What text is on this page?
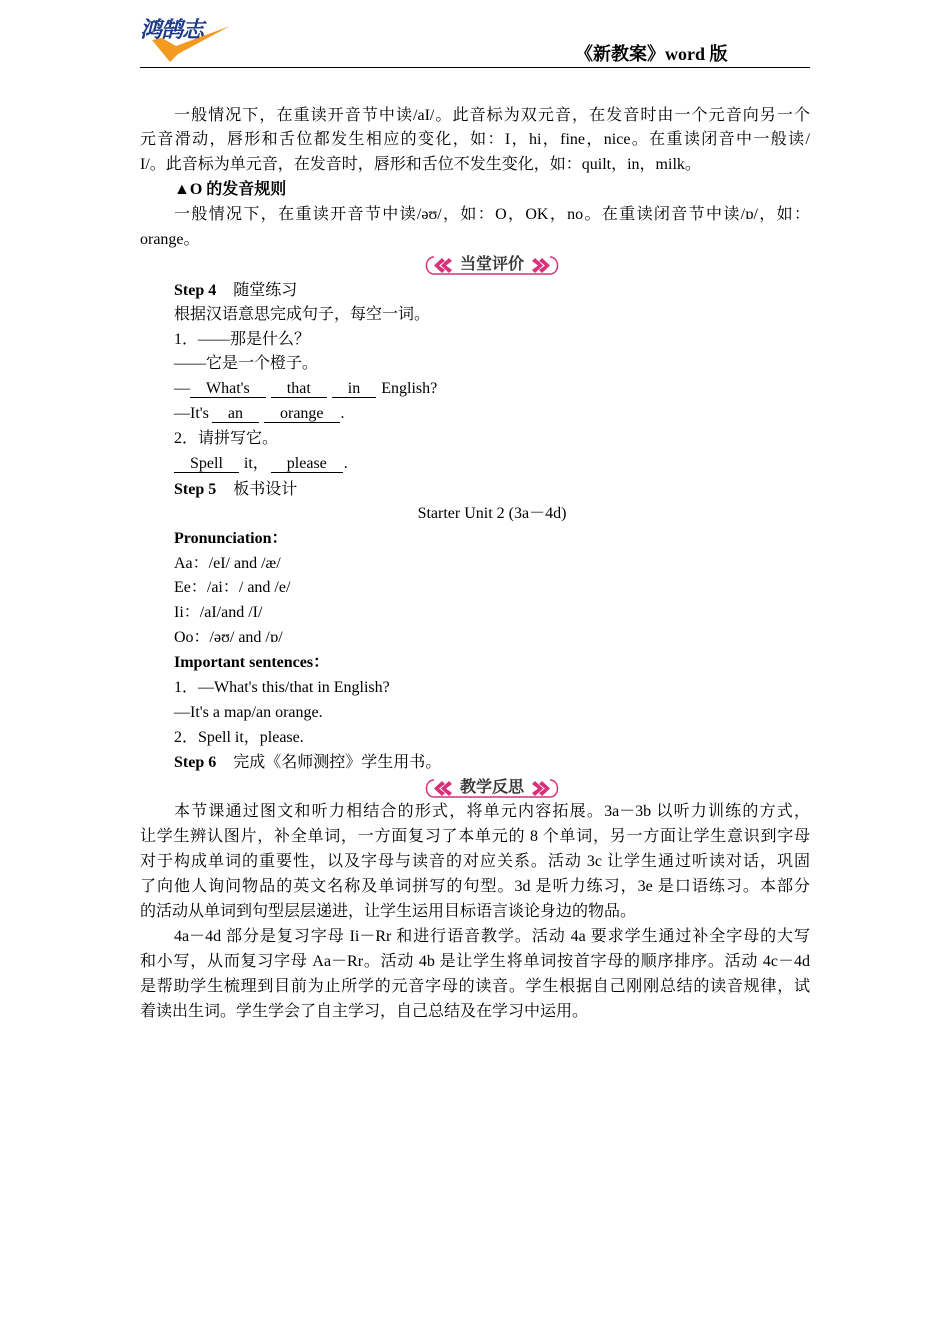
鸿鹄志
《新教案》word 版
一般情况下，在重读开音节中读/aI/。此音标为双元音，在发音时由一个元音向另一个
元音滑动，唇形和舌位都发生相应的变化，如：I，hi，fine，nice。在重读闭音中一般读/
I/。此音标为单元音，在发音时，唇形和舌位不发生变化，如：quilt，in，milk。
▲O 的发音规则
一般情况下，在重读开音节中读/əʊ/，如：O，OK，no。在重读闭音节中读/ɒ/，如：
orange。
当堂评价
Step 4 随堂练习
根据汉语意思完成句子，每空一词。
1．——那是什么？
——它是一个橙子。
— What's that in English?
—It's an orange .
2．请拼写它。
Spell it， please .
Step 5 板书设计
Starter Unit 2 (3a－4d)
Pronunciation：
Aa：/eI/ and /æ/
Ee：/ai：/ and /e/
Ii：/aI/and /I/
Oo：/əʊ/ and /ɒ/
Important sentences：
1．—What's this/that in English?
—It's a map/an orange.
2．Spell it，please.
Step 6 完成《名师测控》学生用书。
教学反思
本节课通过图文和听力相结合的形式，将单元内容拓展。3a－3b 以听力训练的方式，
让学生辨认图片，补全单词，一方面复习了本单元的 8 个单词，另一方面让学生意识到字母
对于构成单词的重要性，以及字母与读音的对应关系。活动 3c 让学生通过听读对话，巩固
了向他人询问物品的英文名称及单词拼写的句型。3d 是听力练习，3e 是口语练习。本部分
的活动从单词到句型层层递进，让学生运用目标语言谈论身边的物品。
4a－4d 部分是复习字母 Ii－Rr 和进行语音教学。活动 4a 要求学生通过补全字母的大写
和小写，从而复习字母 Aa－Rr。活动 4b 是让学生将单词按首字母的顺序排序。活动 4c－4d
是帮助学生梳理到目前为止所学的元音字母的读音。学生根据自己刚刚总结的读音规律，试
着读出生词。学生学会了自主学习，自己总结及在学习中运用。
